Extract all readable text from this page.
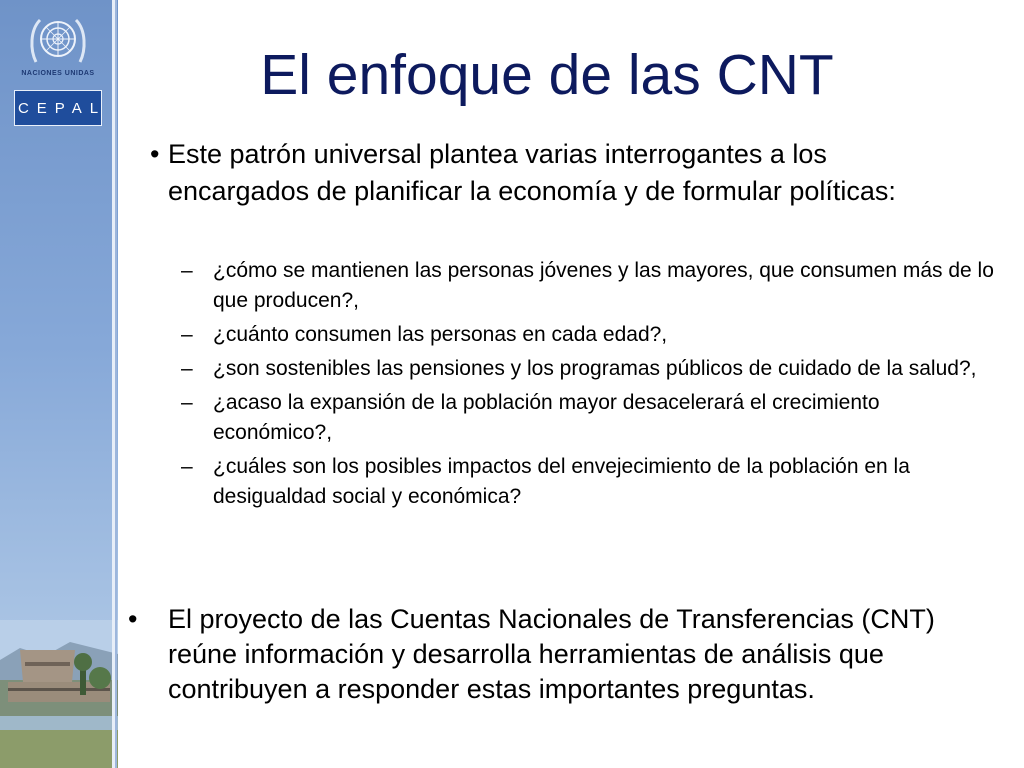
NACIONES UNIDAS
CEPAL
El enfoque de las CNT
• Este patrón universal plantea varias interrogantes a los encargados de planificar la economía y de formular políticas:
– ¿cómo se mantienen las personas jóvenes y las mayores, que consumen más de lo que producen?,
– ¿cuánto consumen las personas en cada edad?,
– ¿son sostenibles las pensiones y los programas públicos de cuidado de la salud?,
– ¿acaso la expansión de la población mayor desacelerará el crecimiento económico?,
– ¿cuáles son los posibles impactos del envejecimiento de la población en la desigualdad social y económica?
• El proyecto de las Cuentas Nacionales de Transferencias (CNT) reúne información y desarrolla herramientas de análisis que contribuyen a responder estas importantes preguntas.
